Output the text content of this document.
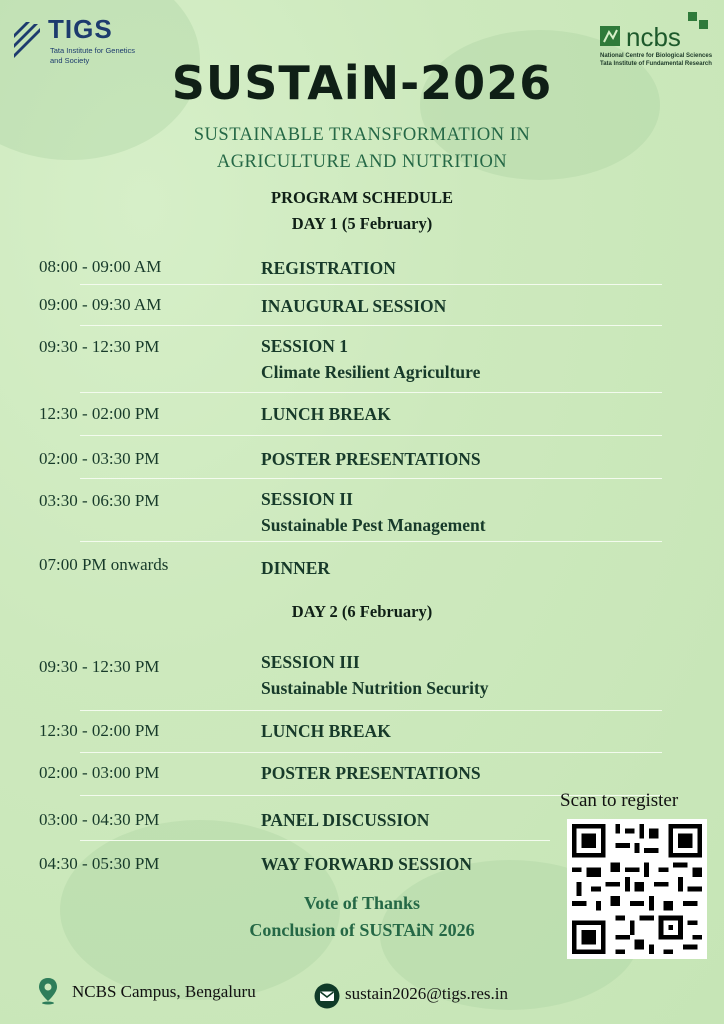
TIGS
Tata Institute for Genetics and Society
ncbs
National Centre for Biological Sciences
Tata Institute of Fundamental Research
SUSTAiN-2026
SUSTAINABLE TRANSFORMATION IN
AGRICULTURE AND NUTRITION
PROGRAM SCHEDULE
DAY 1 (5 February)
08:00 - 09:00 AM	REGISTRATION
09:00 - 09:30 AM	INAUGURAL SESSION
09:30 - 12:30 PM	SESSION 1
Climate Resilient Agriculture
12:30 - 02:00 PM	LUNCH BREAK
02:00 - 03:30 PM	POSTER PRESENTATIONS
03:30 - 06:30 PM	SESSION II
Sustainable Pest Management
07:00 PM onwards	DINNER
DAY 2 (6 February)
09:30 - 12:30 PM	SESSION III
Sustainable Nutrition Security
12:30 - 02:00 PM	LUNCH BREAK
02:00 - 03:00 PM	POSTER PRESENTATIONS
03:00 - 04:30 PM	PANEL DISCUSSION
04:30 - 05:30 PM	WAY FORWARD SESSION
Vote of Thanks
Conclusion of SUSTAiN 2026
Scan to register
NCBS Campus, Bengaluru	sustain2026@tigs.res.in
